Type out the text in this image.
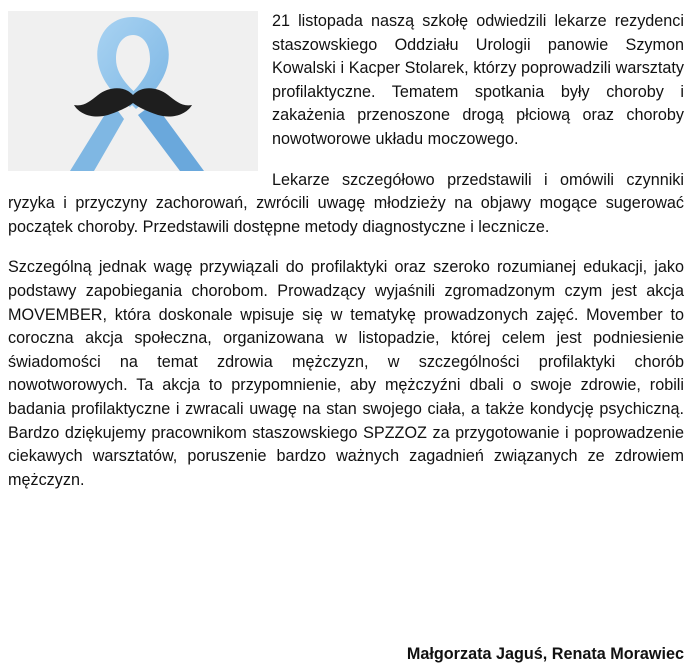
21 listopada naszą szkołę odwiedzili lekarze rezydenci staszowskiego Oddziału Urologii panowie Szymon Kowalski i Kacper Stolarek, którzy poprowadzili warsztaty profilaktyczne. Tematem spotkania były choroby i zakażenia przenoszone drogą płciową oraz choroby nowotworowe układu moczowego.

Lekarze szczegółowo przedstawili i omówili czynniki ryzyka i przyczyny zachorowań, zwrócili uwagę młodzieży na objawy mogące sugerować początek choroby. Przedstawili dostępne metody diagnostyczne i lecznicze.

Szczególną jednak wagę przywiązali do profilaktyki oraz szeroko rozumianej edukacji, jako podstawy zapobiegania chorobom. Prowadzący wyjaśnili zgromadzonym czym jest akcja MOVEMBER, która doskonale wpisuje się w tematykę prowadzonych zajęć. Movember to coroczna akcja społeczna, organizowana w listopadzie, której celem jest podniesienie świadomości na temat zdrowia mężczyzn, w szczególności profilaktyki chorób nowotworowych. Ta akcja to przypomnienie, aby mężczyźni dbali o swoje zdrowie, robili badania profilaktyczne i zwracali uwagę na stan swojego ciała, a także kondycję psychiczną. Bardzo dziękujemy pracownikom staszowskiego SPZZOZ za przygotowanie i poprowadzenie ciekawych warsztatów, poruszenie bardzo ważnych zagadnień związanych ze zdrowiem mężczyzn.

Małgorzata Jaguś, Renata Morawiec
